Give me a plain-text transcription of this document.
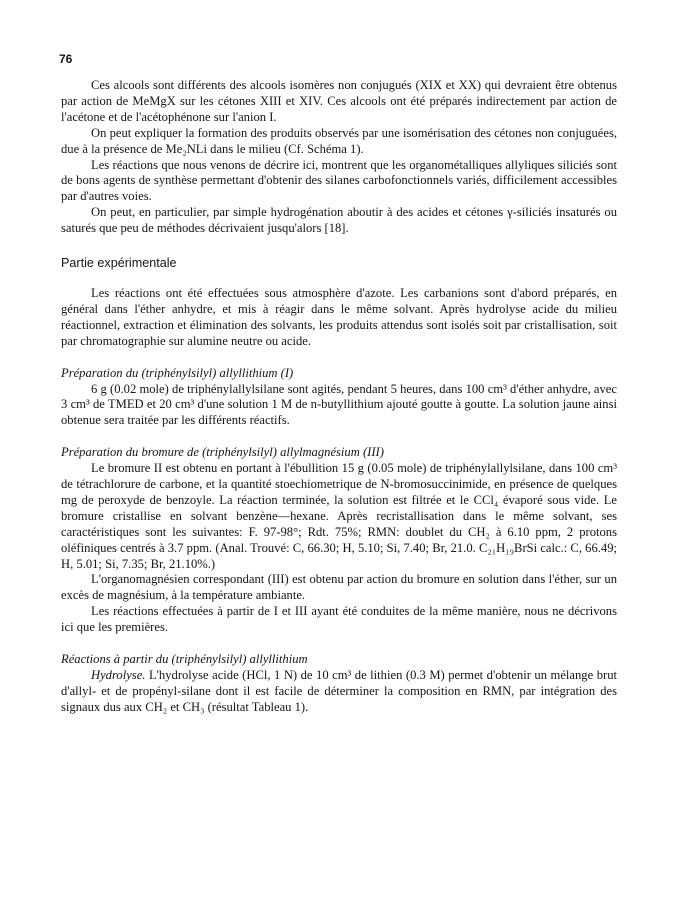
76

Ces alcools sont différents des alcools isomères non conjugués (XIX et XX) qui devraient être obtenus par action de MeMgX sur les cétones XIII et XIV. Ces alcools ont été préparés indirectement par action de l'acétone et de l'acétophénone sur l'anion I.

On peut expliquer la formation des produits observés par une isomérisation des cétones non conjuguées, due à la présence de Me₂NLi dans le milieu (Cf. Schéma 1).

Les réactions que nous venons de décrire ici, montrent que les organométalliques allyliques siliciés sont de bons agents de synthèse permettant d'obtenir des silanes carbofonctionnels variés, difficilement accessibles par d'autres voies.

On peut, en particulier, par simple hydrogénation aboutir à des acides et cétones γ-siliciés insaturés ou saturés que peu de méthodes décrivaient jusqu'alors [18].

Partie expérimentale

Les réactions ont été effectuées sous atmosphère d'azote. Les carbanions sont d'abord préparés, en général dans l'éther anhydre, et mis à réagir dans le même solvant. Après hydrolyse acide du milieu réactionnel, extraction et élimination des solvants, les produits attendus sont isolés soit par cristallisation, soit par chromatographie sur alumine neutre ou acide.

Préparation du (triphénylsilyl) allyllithium (I)

6 g (0.02 mole) de triphénylallylsilane sont agités, pendant 5 heures, dans 100 cm³ d'éther anhydre, avec 3 cm³ de TMED et 20 cm³ d'une solution 1 M de n-butyllithium ajouté goutte à goutte. La solution jaune ainsi obtenue sera traitée par les différents réactifs.

Préparation du bromure de (triphénylsilyl) allylmagnésium (III)

Le bromure II est obtenu en portant à l'ébullition 15 g (0.05 mole) de triphénylallylsilane, dans 100 cm³ de tétrachlorure de carbone, et la quantité stoechiometrique de N-bromosuccinimide, en présence de quelques mg de peroxyde de benzoyle. La réaction terminée, la solution est filtrée et le CCl₄ évaporé sous vide. Le bromure cristallise en solvant benzène—hexane. Après recristallisation dans le même solvant, ses caractéristiques sont les suivantes: F. 97-98°; Rdt. 75%; RMN: doublet du CH₂ à 6.10 ppm, 2 protons oléfiniques centrés à 3.7 ppm. (Anal. Trouvé: C, 66.30; H, 5.10; Si, 7.40; Br, 21.0. C₂₁H₁₉BrSi calc.: C, 66.49; H, 5.01; Si, 7.35; Br, 21.10%.)

L'organomagnésien correspondant (III) est obtenu par action du bromure en solution dans l'éther, sur un excès de magnésium, à la température ambiante.

Les réactions effectuées à partir de I et III ayant été conduites de la même manière, nous ne décrivons ici que les premières.

Réactions à partir du (triphénylsilyl) allyllithium

Hydrolyse. L'hydrolyse acide (HCl, 1 N) de 10 cm³ de lithien (0.3 M) permet d'obtenir un mélange brut d'allyl- et de propényl-silane dont il est facile de déterminer la composition en RMN, par intégration des signaux dus aux CH₂ et CH₃ (résultat Tableau 1).
